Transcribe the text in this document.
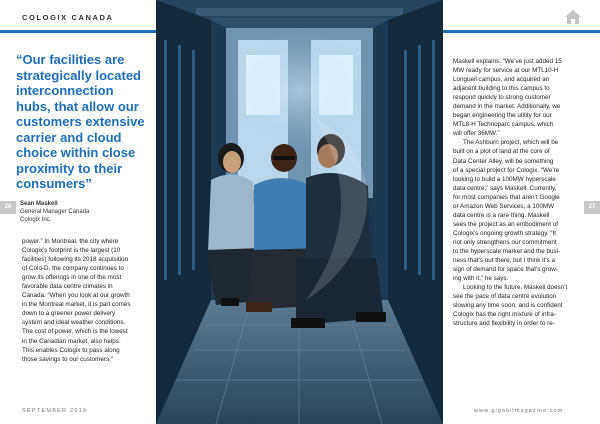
COLOGIX CANADA
“Our facilities are
strategically located
interconnection
hubs, that allow our
customers extensive
carrier and cloud
choice within close
proximity to their
consumers”
Sean Maskell
General Manager Canada
Cologix Inc.
26	27

power.” In Montreal, the city where

Cologix’s footprint is the largest (10

facilities) following its 2018 acquisition

of Colo-D, the company continues to

grow its offerings in one of the most

favorable data centre climates in

Canada. “When you look at our growth

in the Montreal market, it is part comes

down to a greener power delivery

system and ideal weather conditions.

The cost of power, which is the lowest

in the Canadian market, also helps.

This enables Cologix to pass along

those savings to our customers,”

Maskell explains. “We’ve just added 15

MW ready for service at our MTL10-H

Longueil campus, and acquired an

adjacent building to this campus to

respond quickly to strong customer

demand in the market. Additionally, we

began engineering the utility for our

MTL8-H Technoparc campus, which

will offer 36MW.”

The Ashburn project, which will be

built on a plot of land at the core of

Data Center Alley, will be something

of a special project for Cologix. “We’re

looking to build a 100MW hyperscale

data centre,” says Maskell. Currently,

for most companies that aren’t Google

or Amazon Web Services, a 100MW

data centre is a rare thing. Maskell

sees the project as an embodiment of

Cologix’s ongoing growth strategy. “It

not only strengthens our commitment

to the hyperscale market and the busi-

ness that’s out there, but I think it’s a

sign of demand for space that’s grow-

ing with it,” he says.

Looking to the future, Maskell doesn’t

see the pace of data centre evolution

slowing any time soon, and is confident

Cologix has the right mixture of infra-

structure and flexibility in order to re-

SEPTEMBER 2019	www.gigabitmagazine.com
